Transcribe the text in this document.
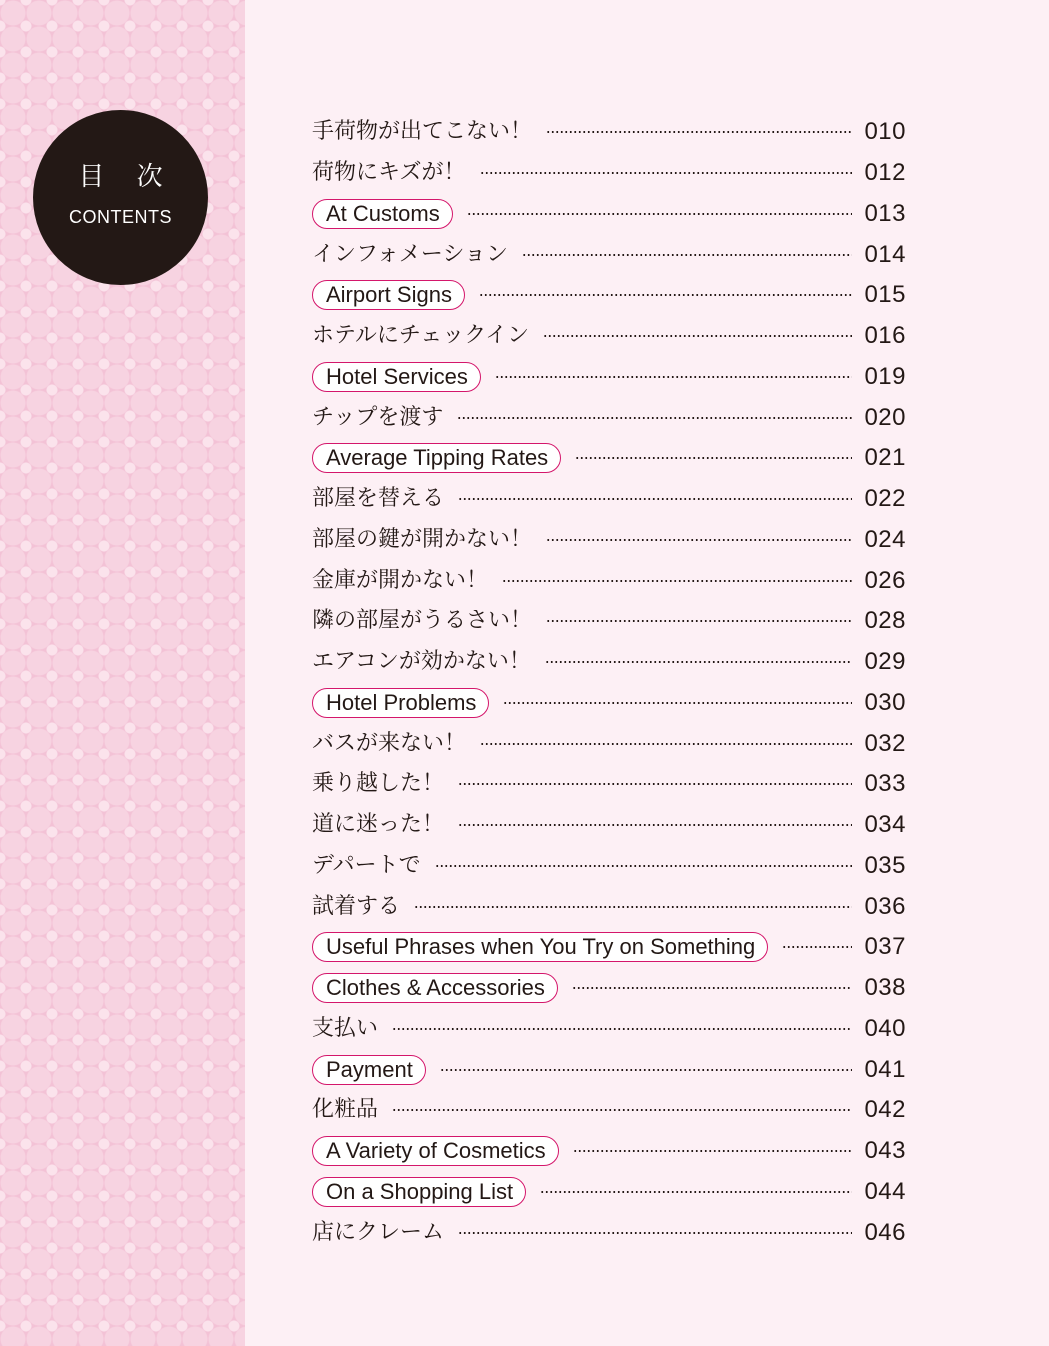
目 次
CONTENTS
手荷物が出てこない！	010
荷物にキズが！	012
At Customs	013
インフォメーション	014
Airport Signs	015
ホテルにチェックイン	016
Hotel Services	019
チップを渡す	020
Average Tipping Rates	021
部屋を替える	022
部屋の鍵が開かない！	024
金庫が開かない！	026
隣の部屋がうるさい！	028
エアコンが効かない！	029
Hotel Problems	030
バスが来ない！	032
乗り越した！	033
道に迷った！	034
デパートで	035
試着する	036
Useful Phrases when You Try on Something	037
Clothes & Accessories	038
支払い	040
Payment	041
化粧品	042
A Variety of Cosmetics	043
On a Shopping List	044
店にクレーム	046
